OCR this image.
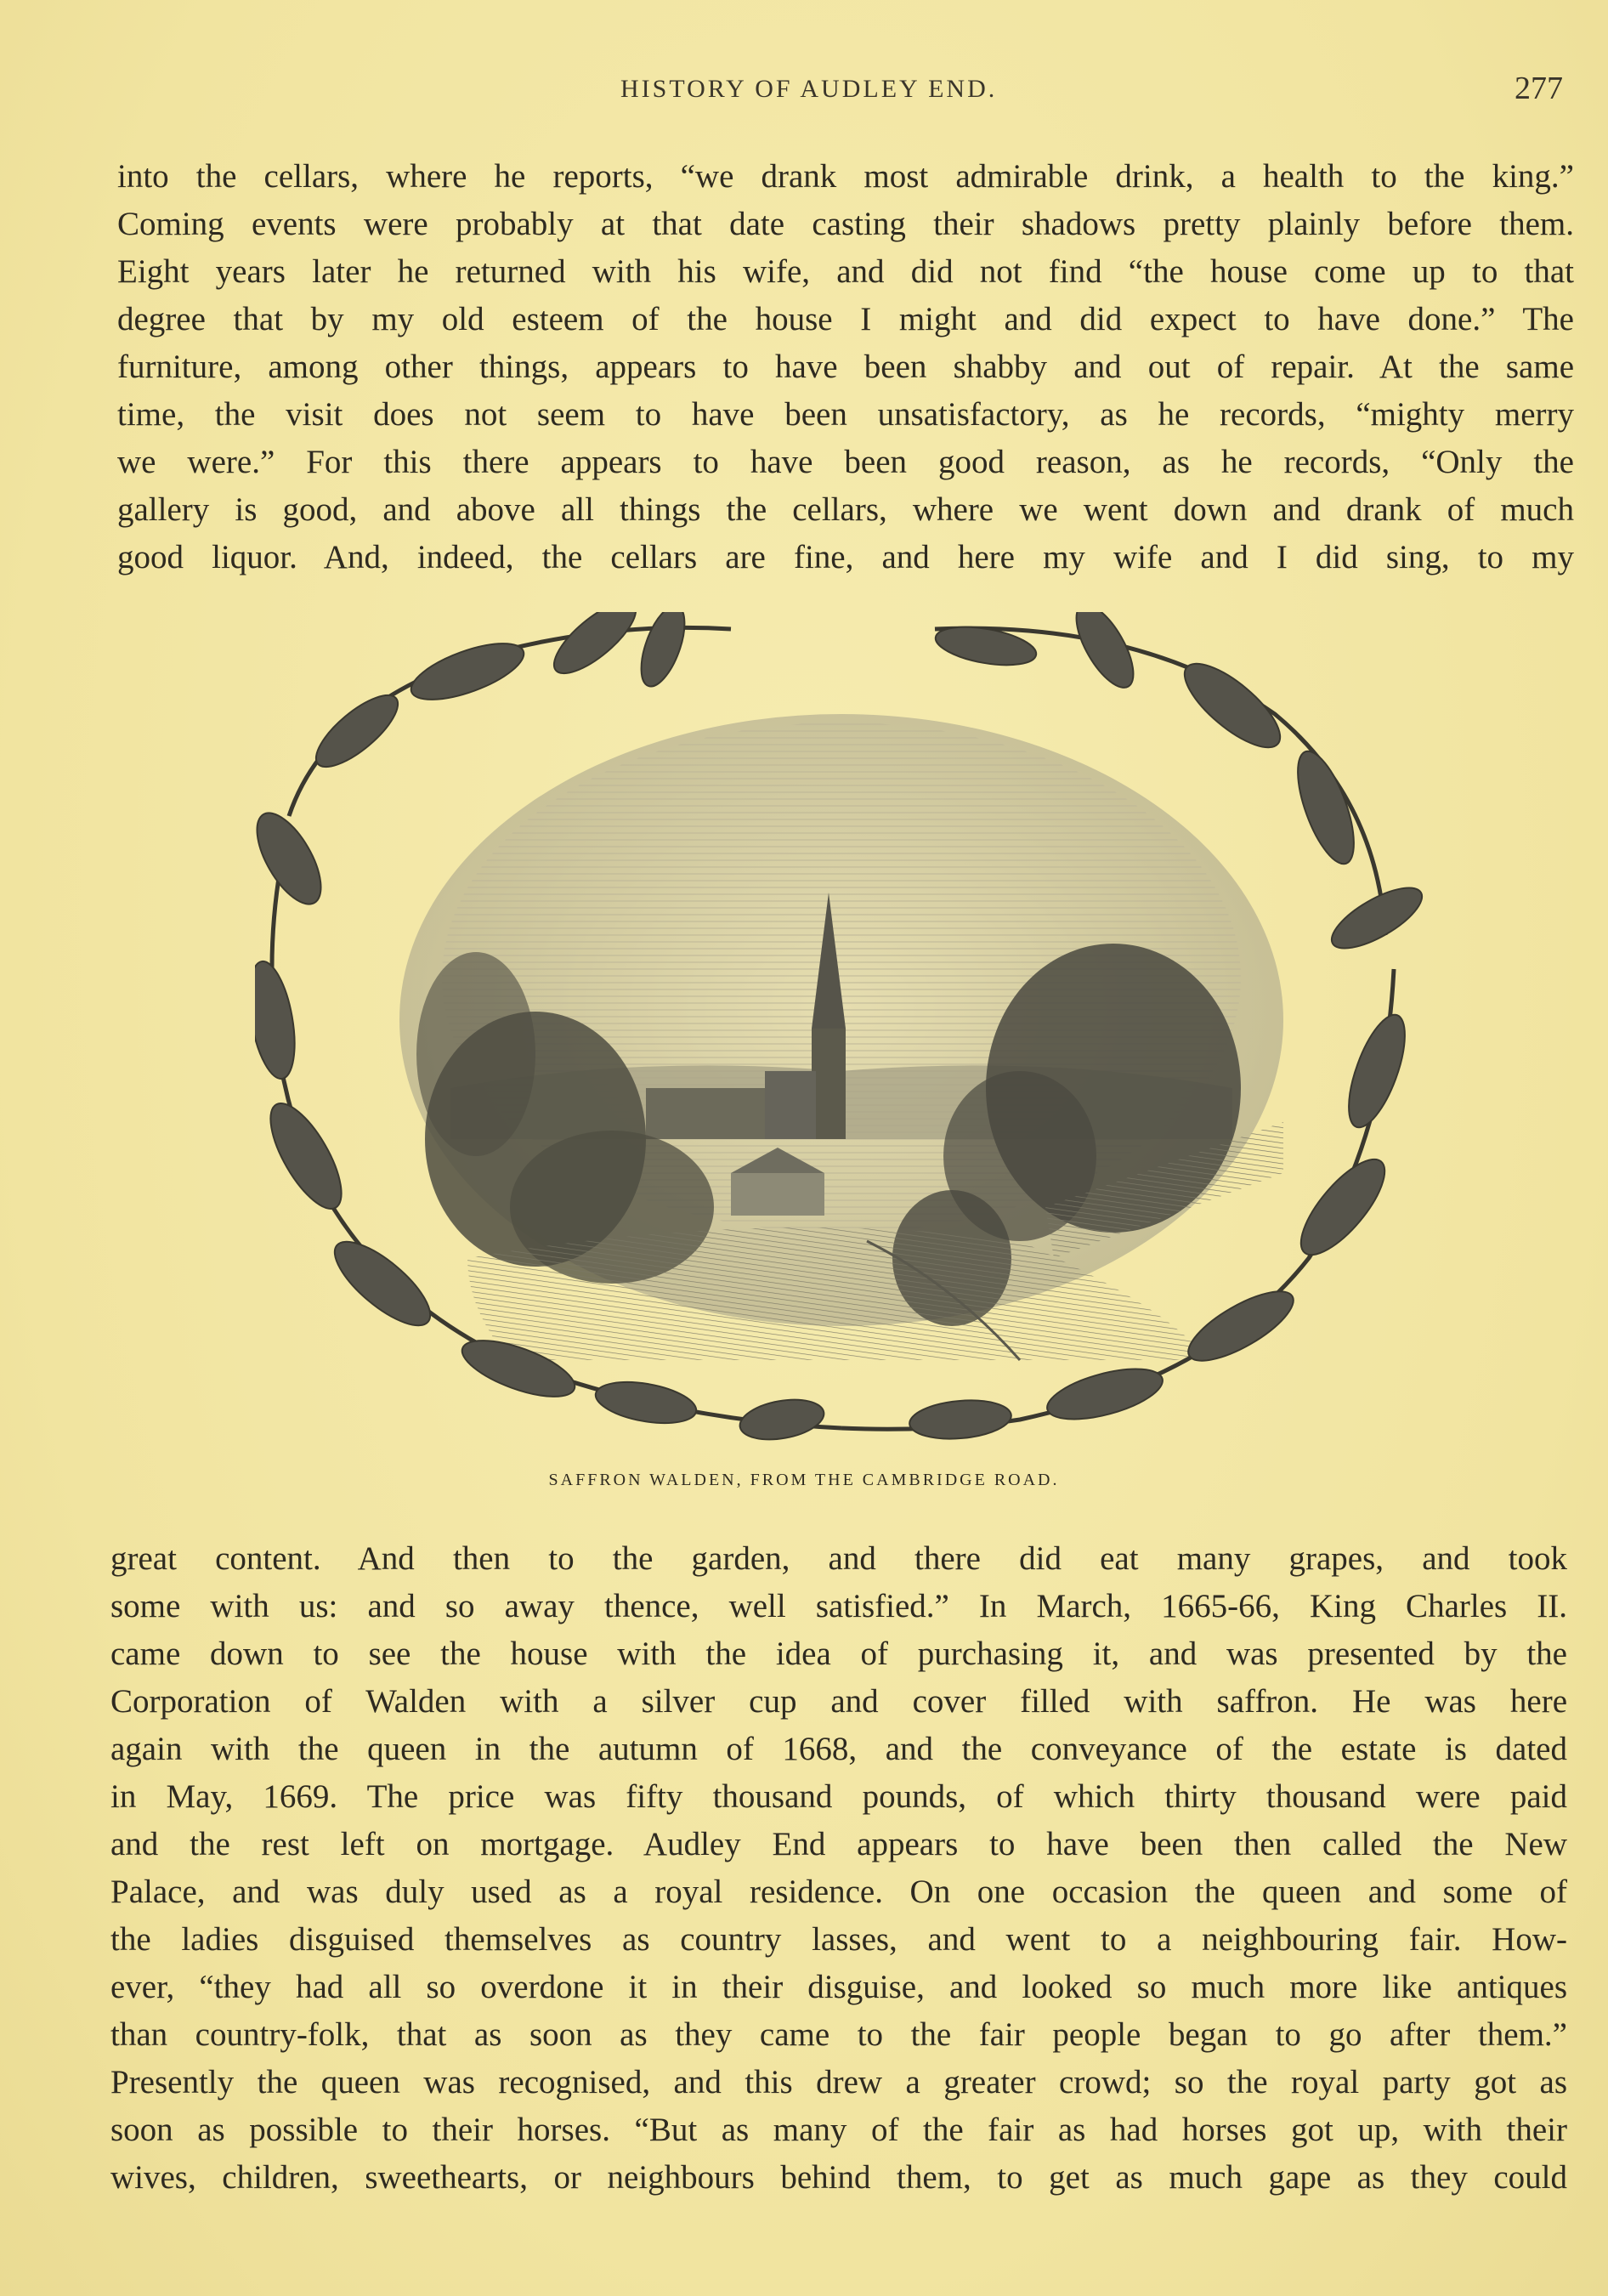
HISTORY OF AUDLEY END.	277
into the cellars, where he reports, “we drank most admirable drink, a health to the king.”
Coming events were probably at that date casting their shadows pretty plainly before them.
Eight years later he returned with his wife, and did not find “the house come up to that
degree that by my old esteem of the house I might and did expect to have done.” The
furniture, among other things, appears to have been shabby and out of repair. At the same
time, the visit does not seem to have been unsatisfactory, as he records, “mighty merry
we were.” For this there appears to have been good reason, as he records, “Only the
gallery is good, and above all things the cellars, where we went down and drank of much
good liquor. And, indeed, the cellars are fine, and here my wife and I did sing, to my
SAFFRON WALDEN, FROM THE CAMBRIDGE ROAD.
great content. And then to the garden, and there did eat many grapes, and took
some with us: and so away thence, well satisfied.” In March, 1665-66, King Charles II.
came down to see the house with the idea of purchasing it, and was presented by the
Corporation of Walden with a silver cup and cover filled with saffron. He was here
again with the queen in the autumn of 1668, and the conveyance of the estate is dated
in May, 1669. The price was fifty thousand pounds, of which thirty thousand were paid
and the rest left on mortgage. Audley End appears to have been then called the New
Palace, and was duly used as a royal residence. On one occasion the queen and some of
the ladies disguised themselves as country lasses, and went to a neighbouring fair. How-
ever, “they had all so overdone it in their disguise, and looked so much more like antiques
than country-folk, that as soon as they came to the fair people began to go after them.”
Presently the queen was recognised, and this drew a greater crowd; so the royal party got as
soon as possible to their horses. “But as many of the fair as had horses got up, with their
wives, children, sweethearts, or neighbours behind them, to get as much gape as they could
